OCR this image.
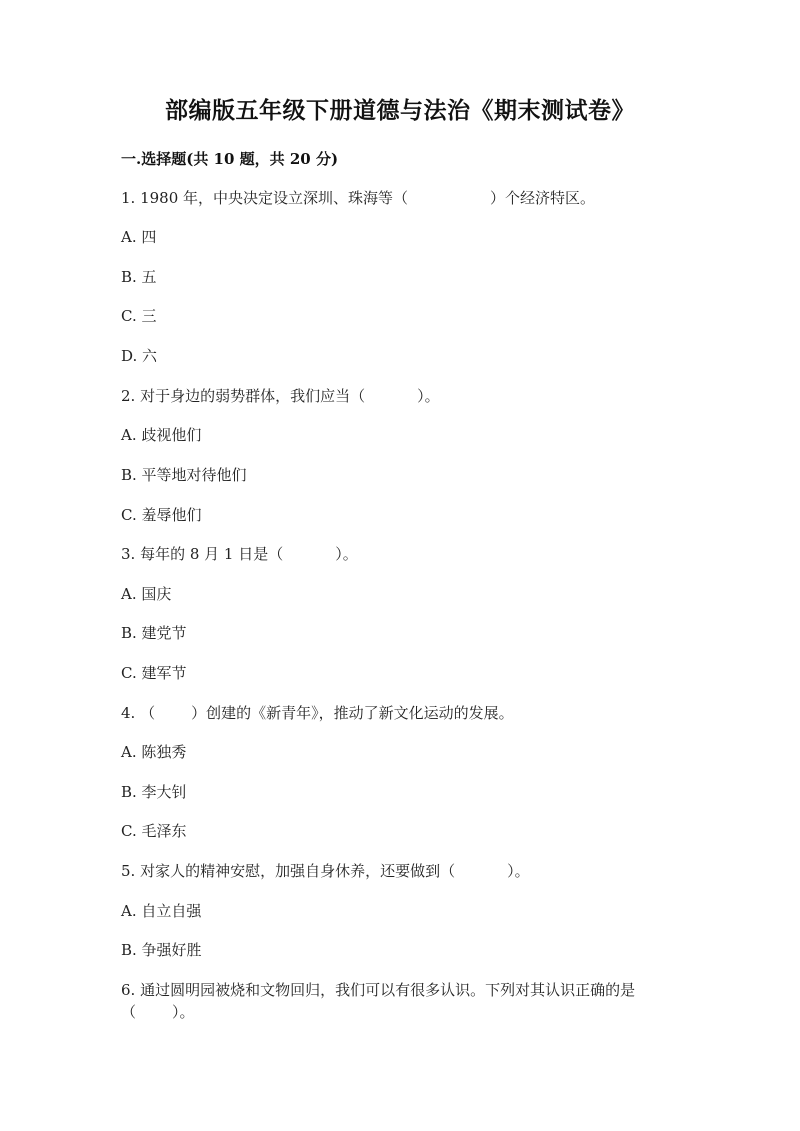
部编版五年级下册道德与法治《期末测试卷》
一.选择题(共 10 题，共 20 分)
1. 1980 年，中央决定设立深圳、珠海等（	）个经济特区。
A. 四
B. 五
C. 三
D. 六
2. 对于身边的弱势群体，我们应当（	）。
A. 歧视他们
B. 平等地对待他们
C. 羞辱他们
3. 每年的 8 月 1 日是（	）。
A. 国庆
B. 建党节
C. 建军节
4. （ ）创建的《新青年》，推动了新文化运动的发展。
A. 陈独秀
B. 李大钊
C. 毛泽东
5. 对家人的精神安慰，加强自身休养，还要做到（	）。
A. 自立自强
B. 争强好胜
6. 通过圆明园被烧和文物回归，我们可以有很多认识。下列对其认识正确的是
（ ）。
